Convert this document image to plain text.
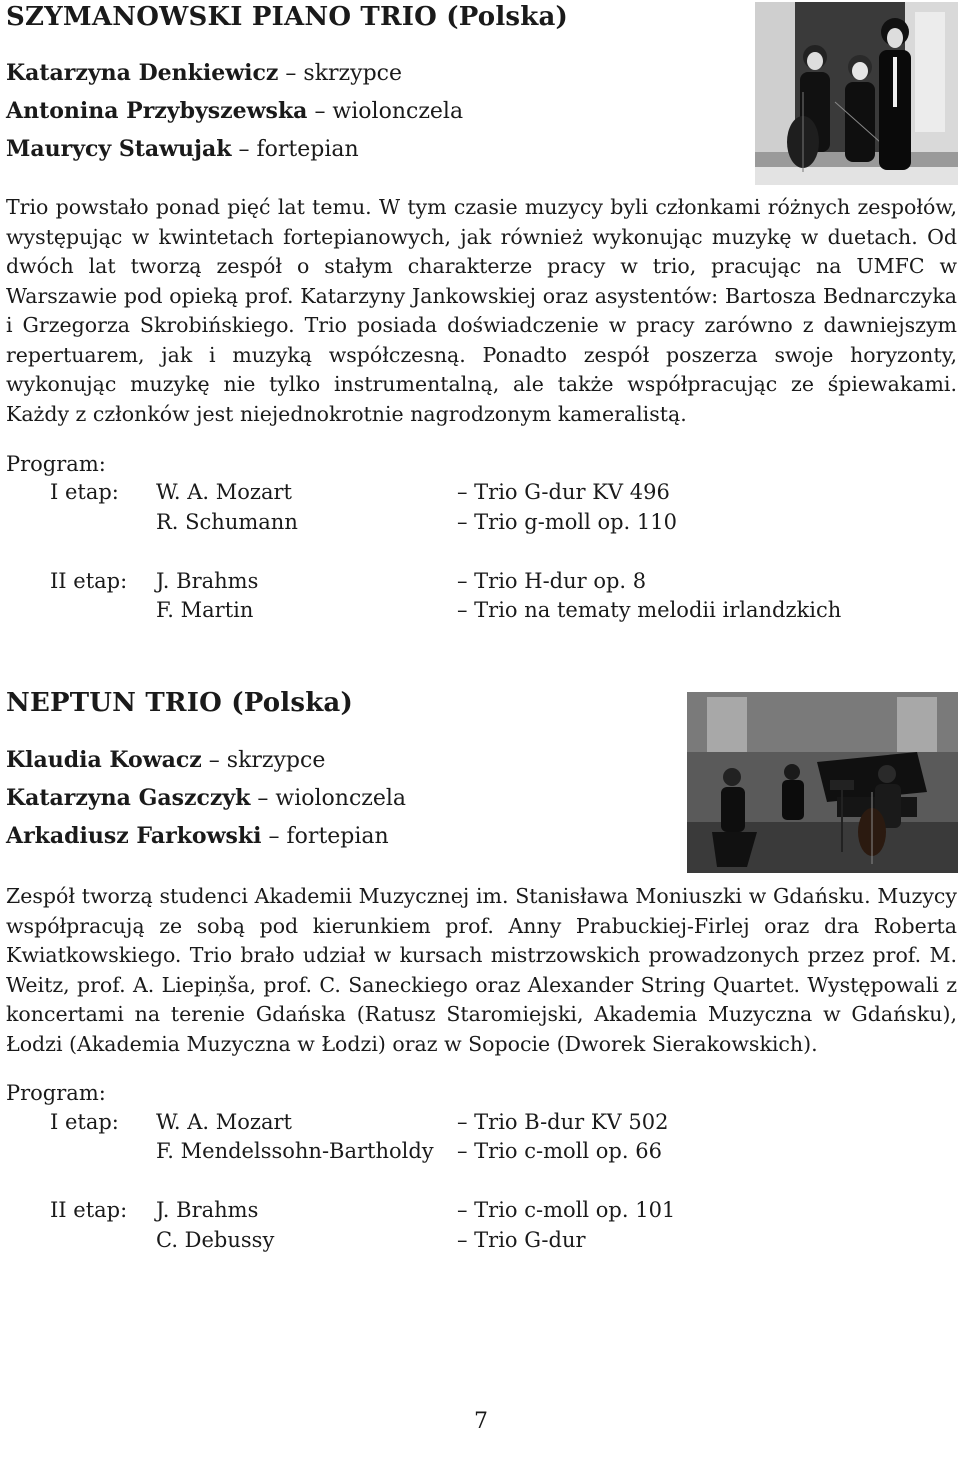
SZYMANOWSKI PIANO TRIO (Polska)
Katarzyna Denkiewicz – skrzypce
Antonina Przybyszewska – wiolonczela
Maurycy Stawujak – fortepian

Trio powstało ponad pięć lat temu. W tym czasie muzycy byli członkami różnych zespołów, występując w kwintetach fortepianowych, jak również wykonując muzykę w duetach. Od dwóch lat tworzą zespół o stałym charakterze pracy w trio, pracując na UMFC w Warszawie pod opieką prof. Katarzyny Jankowskiej oraz asystentów: Bartosza Bednarczyka i Grzegorza Skrobińskiego. Trio posiada doświadczenie w pracy zarówno z dawniejszym repertuarem, jak i muzyką współczesną. Ponadto zespół poszerza swoje horyzonty, wykonując muzykę nie tylko instrumentalną, ale także współpracując ze śpiewakami. Każdy z członków jest niejednokrotnie nagrodzonym kameralistą.

Program:
I etap: W. A. Mozart	– Trio G-dur KV 496
R. Schumann	– Trio g-moll op. 110
II etap: J. Brahms	– Trio H-dur op. 8
F. Martin	– Trio na tematy melodii irlandzkich
NEPTUN TRIO (Polska)
Klaudia Kowacz – skrzypce
Katarzyna Gaszczyk – wiolonczela
Arkadiusz Farkowski – fortepian

Zespół tworzą studenci Akademii Muzycznej im. Stanisława Moniuszki w Gdańsku. Muzycy współpracują ze sobą pod kierunkiem prof. Anny Prabuckiej-Firlej oraz dra Roberta Kwiatkowskiego. Trio brało udział w kursach mistrzowskich prowadzonych przez prof. M. Weitz, prof. A. Liepiņša, prof. C. Saneckiego oraz Alexander String Quartet. Występowali z koncertami na terenie Gdańska (Ratusz Staromiejski, Akademia Muzyczna w Gdańsku), Łodzi (Akademia Muzyczna w Łodzi) oraz w Sopocie (Dworek Sierakowskich).

Program:
I etap: W. A. Mozart	– Trio B-dur KV 502
F. Mendelssohn-Bartholdy – Trio c-moll op. 66
II etap: J. Brahms	– Trio c-moll op. 101
C. Debussy	– Trio G-dur
7
